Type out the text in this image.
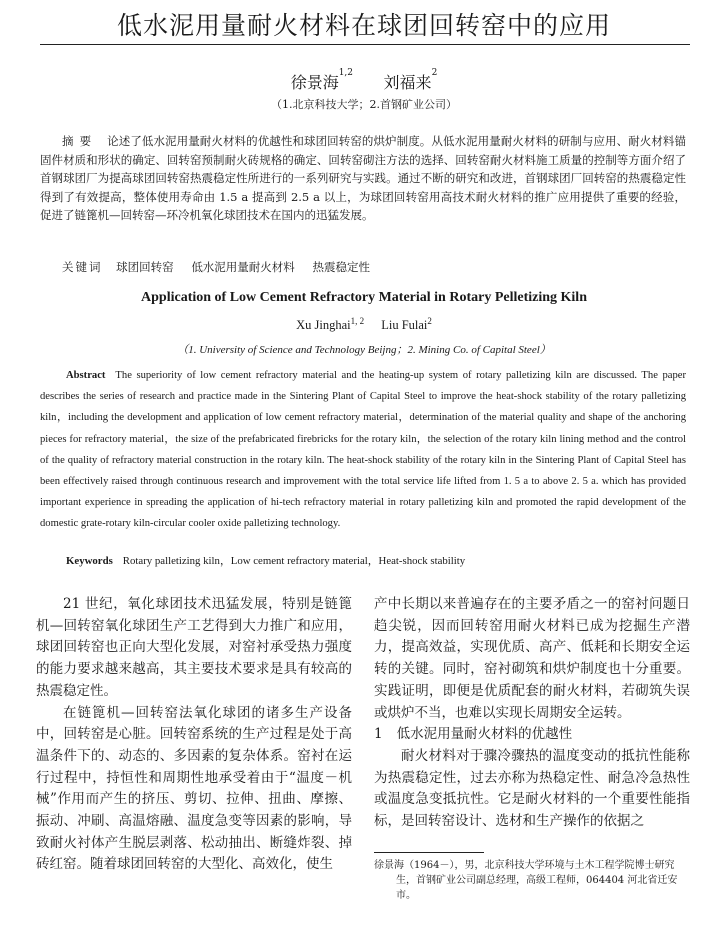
低水泥用量耐火材料在球团回转窑中的应用
徐景海$^{1,2}$ 刘福来$^2$
（1.北京科技大学；2.首钢矿业公司）
摘要 论述了低水泥用量耐火材料的优越性和球团回转窑的烘炉制度。从低水泥用量耐火材料的研制与应用、耐火材料锚固件材质和形状的确定、回转窑预制耐火砖规格的确定、回转窑砌注方法的选择、回转窑耐火材料施工质量的控制等方面介绍了首钢球团厂为提高球团回转窑热震稳定性所进行的一系列研究与实践。通过不断的研究和改进，首钢球团厂回转窑的热震稳定性得到了有效提高，整体使用寿命由 1.5 a 提高到 2.5 a 以上，为球团回转窑用高技术耐火材料的推广应用提供了重要的经验，促进了链篦机—回转窑—环冷机氧化球团技术在国内的迅猛发展。
关键词 球团回转窑 低水泥用量耐火材料 热震稳定性
Application of Low Cement Refractory Material in Rotary Pelletizing Kiln
Xu Jinghai$^{1, 2}$ Liu Fulai$^2$
（1. University of Science and Technology Beijng；2. Mining Co. of Capital Steel）
Abstract The superiority of low cement refractory material and the heating-up system of rotary palletizing kiln are discussed. The paper describes the series of research and practice made in the Sintering Plant of Capital Steel to improve the heat-shock stability of the rotary palletizing kiln，including the development and application of low cement refractory material，determination of the material quality and shape of the anchoring pieces for refractory material，the size of the prefabricated firebricks for the rotary kiln，the selection of the rotary kiln lining method and the control of the quality of refractory material construction in the rotary kiln. The heat-shock stability of the rotary kiln in the Sintering Plant of Capital Steel has been effectively raised through continuous research and improvement with the total service life lifted from 1. 5 a to above 2. 5 a. which has provided important experience in spreading the application of hi-tech refractory material in rotary palletizing kiln and promoted the rapid development of the domestic grate-rotary kiln-circular cooler oxide palletizing technology.
Keywords Rotary palletizing kiln，Low cement refractory material，Heat-shock stability

21 世纪，氧化球团技术迅猛发展，特别是链篦机—回转窑氧化球团生产工艺得到大力推广和应用，球团回转窑也正向大型化发展，对窑衬承受热力强度的能力要求越来越高，其主要技术要求是具有较高的热震稳定性。

在链篦机—回转窑法氧化球团的诸多生产设备中，回转窑是心脏。回转窑系统的生产过程是处于高温条件下的、动态的、多因素的复杂体系。窑衬在运行过程中，持恒性和周期性地承受着由于“温度－机械”作用而产生的挤压、剪切、拉伸、扭曲、摩擦、振动、冲刷、高温熔融、温度急变等因素的影响，导致耐火衬体产生脱层剥落、松动抽出、断缝炸裂、掉砖红窑。随着球团回转窑的大型化、高效化，使生

产中长期以来普遍存在的主要矛盾之一的窑衬问题日趋尖锐，因而回转窑用耐火材料已成为挖掘生产潜力，提高效益，实现优质、高产、低耗和长期安全运转的关键。同时，窑衬砌筑和烘炉制度也十分重要。实践证明，即便是优质配套的耐火材料，若砌筑失误或烘炉不当，也难以实现长周期安全运转。

1 低水泥用量耐火材料的优越性

耐火材料对于骤冷骤热的温度变动的抵抗性能称为热震稳定性，过去亦称为热稳定性、耐急冷急热性或温度急变抵抗性。它是耐火材料的一个重要性能指标，是回转窑设计、选材和生产操作的依据之

徐景海（1964－），男，北京科技大学环境与土木工程学院博士研究
生，首钢矿业公司副总经理，高级工程师，064404 河北省迁安市。
